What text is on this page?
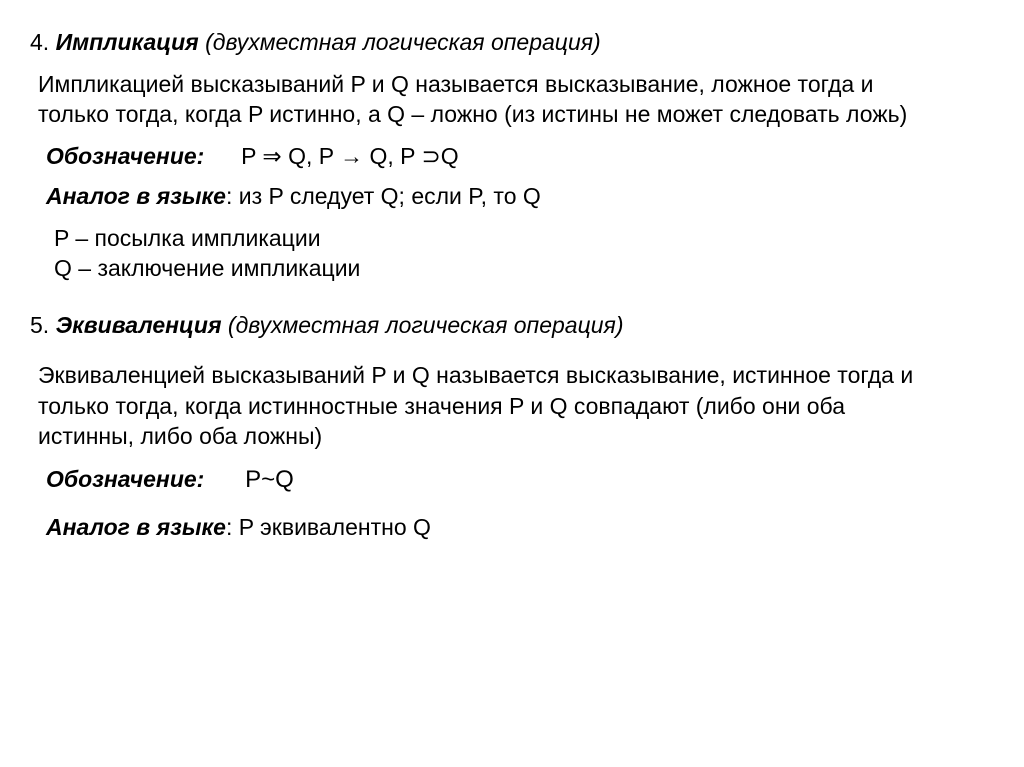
4. Импликация (двухместная логическая операция)
Импликацией высказываний P и Q называется высказывание, ложное тогда и
только тогда, когда P истинно, а Q – ложно (из истины не может следовать ложь)
Обозначение: P ⇒ Q, P → Q, P ⊃Q
Аналог в языке: из P следует Q; если P, то Q
P – посылка импликации
Q – заключение импликации
5. Эквиваленция (двухместная логическая операция)
Эквиваленцией высказываний P и Q называется высказывание, истинное тогда и
только тогда, когда истинностные значения P и Q совпадают (либо они оба
истинны, либо оба ложны)
Обозначение: P~Q
Аналог в языке: P эквивалентно Q
